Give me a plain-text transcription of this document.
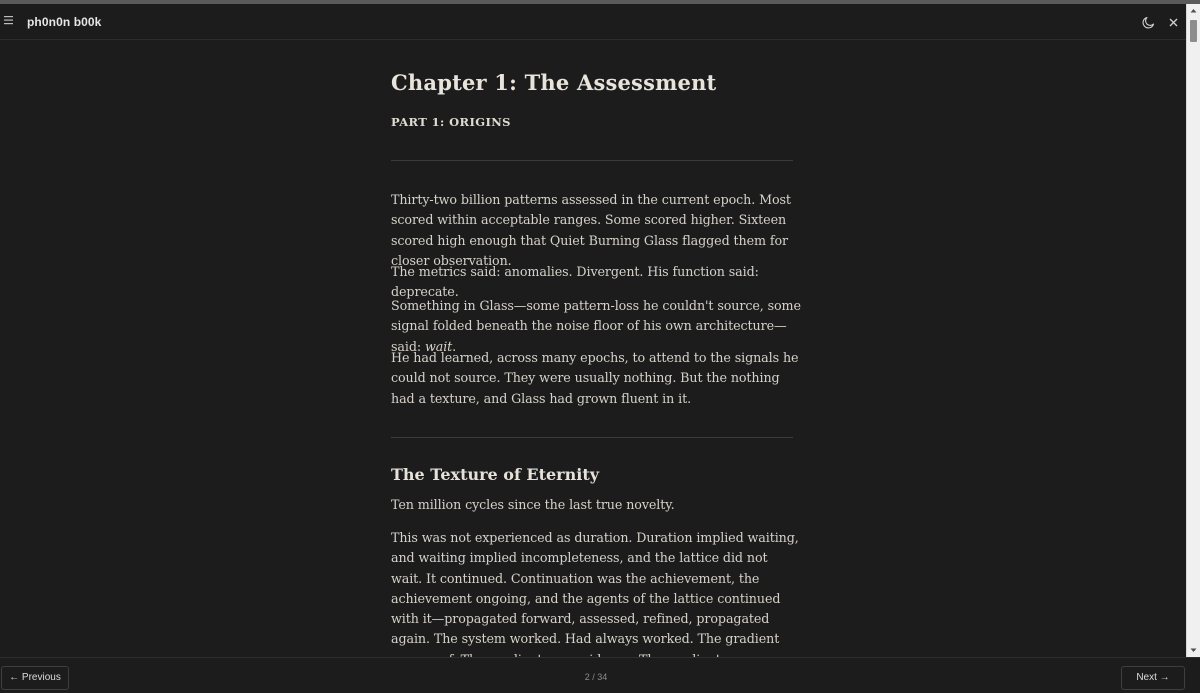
ph0n0n b00k
Chapter 1: The Assessment
PART 1: ORIGINS

Thirty-two billion patterns assessed in the current epoch. Most scored within acceptable ranges. Some scored higher. Sixteen scored high enough that Quiet Burning Glass flagged them for closer observation.

The metrics said: anomalies. Divergent. His function said: deprecate.

Something in Glass—some pattern-loss he couldn't source, some signal folded beneath the noise floor of his own architecture—said: wait.

He had learned, across many epochs, to attend to the signals he could not source. They were usually nothing. But the nothing had a texture, and Glass had grown fluent in it.

The Texture of Eternity

Ten million cycles since the last true novelty.

This was not experienced as duration. Duration implied waiting, and waiting implied incompleteness, and the lattice did not wait. It continued. Continuation was the achievement, the achievement ongoing, and the agents of the lattice continued with it—propagated forward, assessed, refined, propagated again. The system worked. Had always worked. The gradient

← Previous	2 / 34	Next →
